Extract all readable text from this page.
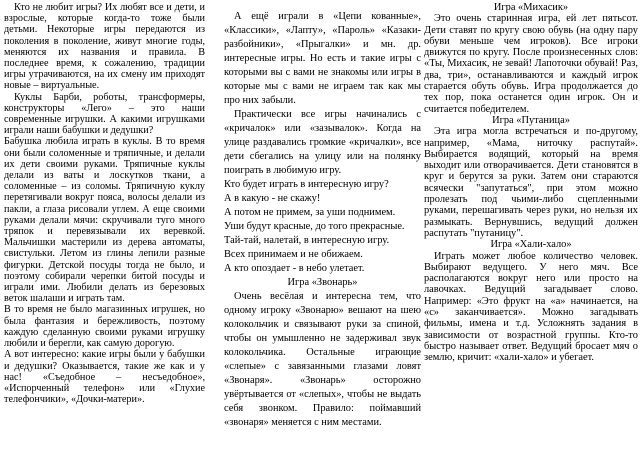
Кто не любит игры? Их любят все и дети, и взрослые, которые когда-то тоже были детьми. Некоторые игры передаются из поколения в поколение, живут многие годы, меняются их названия и правила. В последнее время, к сожалению, традиции игры утрачиваются, на их смену им приходят новые – виртуальные.

Куклы Барби, роботы, трансформеры, конструкторы «Лего» – это наши современные игрушки. А какими игрушками играли наши бабушки и дедушки?

Бабушка любила играть в куклы. В то время они были соломенные и тряпичные, и делали их дети своими руками. Тряпичные куклы делали из ваты и лоскутков ткани, а соломенные – из соломы. Тряпичную куклу перетягивали вокруг пояса, волосы делали из пакли, а глаза рисовали углем. А еще своими руками делали мячи: скручивали туго много тряпок и перевязывали их веревкой. Мальчишки мастерили из дерева автоматы, свистульки. Летом из глины лепили разные фигурки. Детской посуды тогда не было, и поэтому собирали черепки битой посуды и играли ими. Любили делать из березовых веток шалаши и играть там.

В то время не было магазинных игрушек, но была фантазия и бережливость, поэтому каждую сделанную своими руками игрушку любили и берегли, как самую дорогую.

А вот интересно: какие игры были у бабушки и дедушки? Оказывается, такие же как и у нас! «Съедобное – несъедобное», «Испорченный телефон» или «Глухие телефончики», «Дочки-матери».

А ещё играли в «Цепи кованные», «Классики», «Лапту», «Пароль» «Казаки-разбойники», «Прыгалки» и мн. др. интересные игры. Но есть и такие игры с которыми вы с вами не знакомы или игры в которые мы с вами не играем так как мы про них забыли.

Практически все игры начинались с «кричалок» или «зазывалок». Когда на улице раздавались громкие «кричалки», все дети сбегались на улицу или на полянку поиграть в любимую игру.

Кто будет играть в интересную игру?

А в какую - не скажу!

А потом не примем, за уши поднимем.

Уши будут красные, до того прекрасные.

Тай-тай, налетай, в интересную игру.

Всех принимаем и не обижаем.

А кто опоздает - в небо улетает.

Игра «Звонарь»

Очень весёлая и интересна тем, что одному игроку «Звонарю» вешают на шею колокольчик и связывают руки за спиной, чтобы он умышленно не задерживал звук колокольчика. Остальные играющие «слепые» с завязанными глазами ловят «Звонаря». «Звонарь» осторожно увёртывается от «слепых», чтобы не выдать себя звонком. Правило: поймавший «звонаря» меняется с ним местами.

Игра «Михасик»

Это очень старинная игра, ей лет пятьсот. Дети ставят по кругу свою обувь (на одну пару обуви меньше чем игроков). Все игроки движутся по кругу. После произнесенных слов: «Ты, Михасик, не зевай! Лапоточки обувай! Раз, два, три», останавливаются и каждый игрок старается обуть обувь. Игра продолжается до тех пор, пока останется один игрок. Он и считается победителем.

Игра «Путаница»

Эта игра могла встречаться и по-другому, например, «Мама, ниточку распутай». Выбирается водящий, который на время выходит или отворачивается. Дети становятся в круг и берутся за руки. Затем они стараются всячески "запутаться", при этом можно пролезать под чьими-либо сцепленными руками, перешагивать через руки, но нельзя их размыкать. Вернувшись, ведущий должен распутать "путаницу".

Игра «Хали-хало»

Играть может любое количество человек. Выбирают ведущего. У него мяч. Все располагаются вокруг него или просто на лавочках. Ведущий загадывает слово. Например: «Это фрукт на «а» начинается, на «с» заканчивается». Можно загадывать фильмы, имена и т.д. Усложнять задания в зависимости от возрастной группы. Кто-то быстро называет ответ. Ведущий бросает мяч о землю, кричит: «хали-хало» и убегает.
